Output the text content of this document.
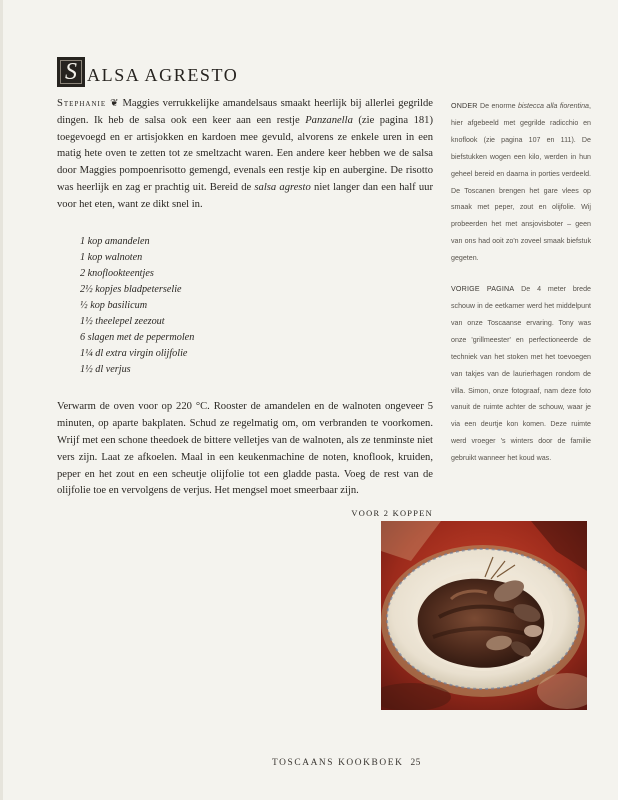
S ALSA AGRESTO

Stephanie ❦ Maggies verrukkelijke amandelsaus smaakt heerlijk bij allerlei gegrilde dingen. Ik heb de salsa ook een keer aan een restje Panzanella (zie pagina 181) toegevoegd en er artisjokken en kardoen mee gevuld, alvorens ze enkele uren in een matig hete oven te zetten tot ze smeltzacht waren. Een andere keer hebben we de salsa door Maggies pompoenrisotto gemengd, evenals een restje kip en aubergine. De risotto was heerlijk en zag er prachtig uit. Bereid de salsa agresto niet langer dan een half uur voor het eten, want ze dikt snel in.

1 kop amandelen
1 kop walnoten
2 knoflookteentjes
2½ kopjes bladpeterselie
½ kop basilicum
1½ theelepel zeezout
6 slagen met de pepermolen
1¼ dl extra virgin olijfolie
1½ dl verjus

Verwarm de oven voor op 220 °C. Rooster de amandelen en de walnoten ongeveer 5 minuten, op aparte bakplaten. Schud ze regelmatig om, om verbranden te voorkomen. Wrijf met een schone theedoek de bittere velletjes van de walnoten, als ze tenminste niet vers zijn. Laat ze afkoelen. Maal in een keukenmachine de noten, knoflook, kruiden, peper en het zout en een scheutje olijfolie tot een gladde pasta. Voeg de rest van de olijfolie toe en vervolgens de verjus. Het mengsel moet smeerbaar zijn.

VOOR 2 KOPPEN

ONDER De enorme bistecca alla fiorentina, hier afgebeeld met gegrilde radicchio en knoflook (zie pagina 107 en 111). De biefstukken wogen een kilo, werden in hun geheel bereid en daarna in porties verdeeld. De Toscanen brengen het gare vlees op smaak met peper, zout en olijfolie. Wij probeerden het met ansjovisboter – geen van ons had ooit zo'n zoveel smaak biefstuk gegeten.

VORIGE PAGINA De 4 meter brede schouw in de eetkamer werd het middelpunt van onze Toscaanse ervaring. Tony was onze 'grillmeester' en perfectioneerde de techniek van het stoken met het toevoegen van takjes van de laurierhagen rondom de villa. Simon, onze fotograaf, nam deze foto vanuit de ruimte achter de schouw, waar je via een deurtje kon komen. Deze ruimte werd vroeger 's winters door de familie gebruikt wanneer het koud was.

TOSCAANS KOOKBOEK 25
